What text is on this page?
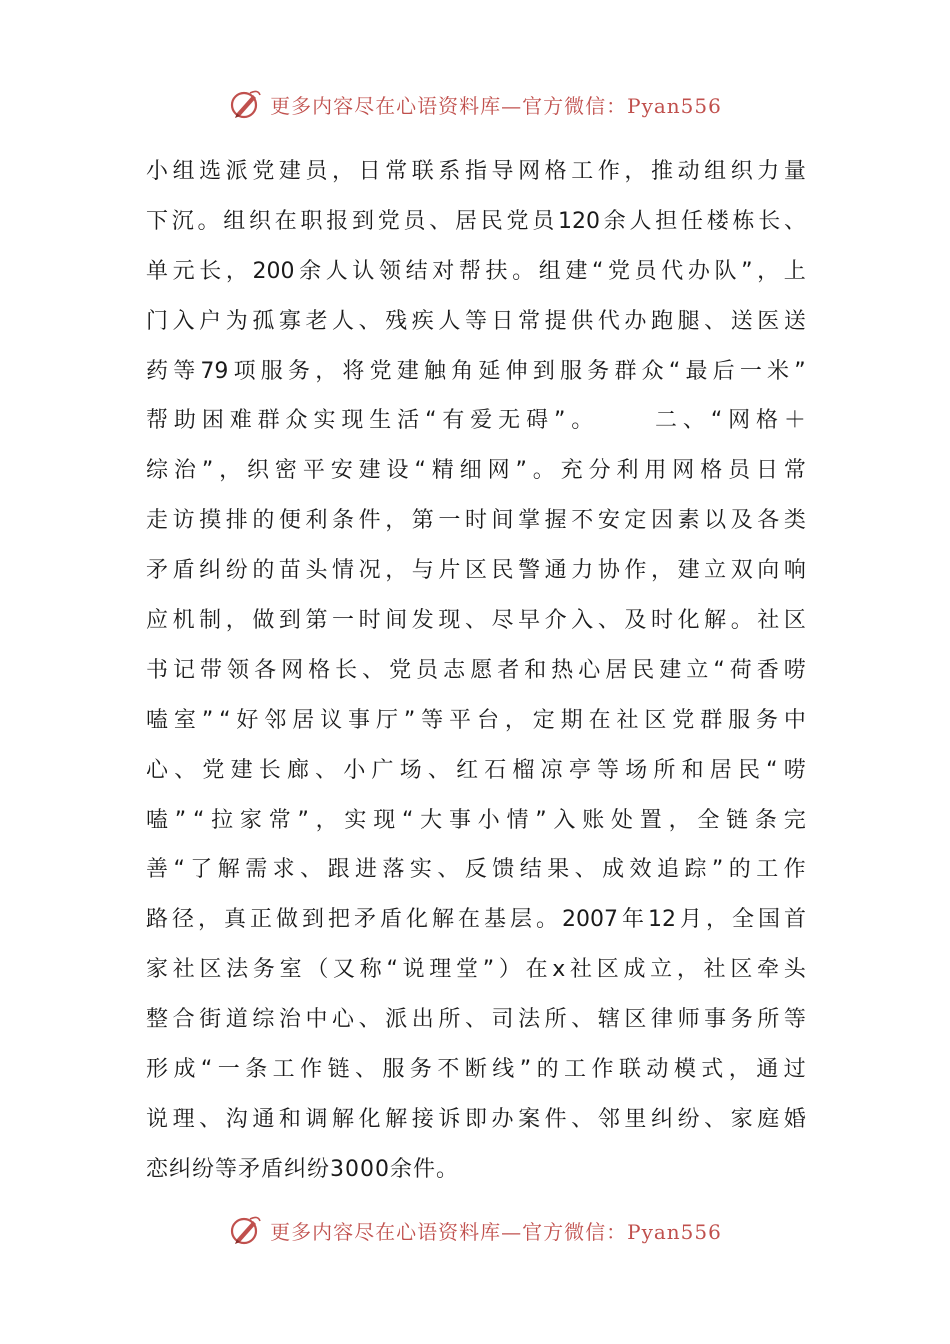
更多内容尽在心语资料库—官方微信：Pyan556
小 组 选 派 党 建 员 ， 日 常 联 系 指 导 网 格 工 作 ， 推 动 组 织 力 量
下 沉 。 组 织 在 职 报 到 党 员 、 居 民 党 员 120 余 人 担 任 楼 栋 长 、
单 元 长 ， 200 余 人 认 领 结 对 帮 扶 。 组 建 “ 党 员 代 办 队 ” ， 上
门 入 户 为 孤 寡 老 人 、 残 疾 人 等 日 常 提 供 代 办 跑 腿 、 送 医 送
药 等 79 项 服 务 ， 将 党 建 触 角 延 伸 到 服 务 群 众 “ 最 后 一 米 ”
帮 助 困 难 群 众 实 现 生 活 “ 有 爱 无 碍 ” 。

　	二 、 “ 网 格 ＋
综 治 ” ， 织 密 平 安 建 设 “ 精 细 网 ” 。 充 分 利 用 网 格 员 日 常
走 访 摸 排 的 便 利 条 件 ， 第 一 时 间 掌 握 不 安 定 因 素 以 及 各 类
矛 盾 纠 纷 的 苗 头 情 况 ， 与 片 区 民 警 通 力 协 作 ， 建 立 双 向 响
应 机 制 ， 做 到 第 一 时 间 发 现 、 尽 早 介 入 、 及 时 化 解 。 社 区
书 记 带 领 各 网 格 长 、 党 员 志 愿 者 和 热 心 居 民 建 立 “ 荷 香 唠
嗑 室 ” “ 好 邻 居 议 事 厅 ” 等 平 台 ， 定 期 在 社 区 党 群 服 务 中
心 、 党 建 长 廊 、 小 广 场 、 红 石 榴 凉 亭 等 场 所 和 居 民 “ 唠
嗑 ” “ 拉 家 常 ” ， 实 现 “ 大 事 小 情 ” 入 账 处 置 ， 全 链 条 完
善 “ 了 解 需 求 、 跟 进 落 实 、 反 馈 结 果 、 成 效 追 踪 ” 的 工 作
路 径 ， 真 正 做 到 把 矛 盾 化 解 在 基 层 。 2007 年 12 月 ， 全 国 首
家 社 区 法 务 室 （ 又 称 “ 说 理 堂 ” ） 在 x 社 区 成 立 ， 社 区 牵 头
整 合 街 道 综 治 中 心 、 派 出 所 、 司 法 所 、 辖 区 律 师 事 务 所 等
形 成 “ 一 条 工 作 链 、 服 务 不 断 线 ” 的 工 作 联 动 模 式 ， 通 过
说 理 、 沟 通 和 调 解 化 解 接 诉 即 办 案 件 、 邻 里 纠 纷 、 家 庭 婚
恋纠纷等矛盾纠纷3000余件。
更多内容尽在心语资料库—官方微信：Pyan556
